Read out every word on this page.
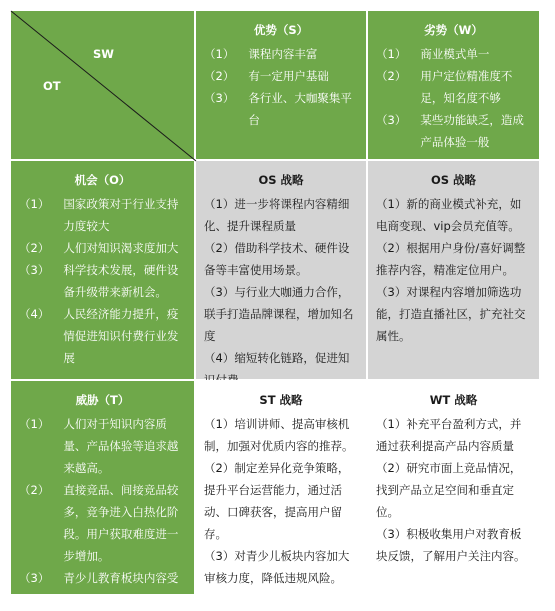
SW
OT
优势（S）
（1） 课程内容丰富
（2） 有一定用户基础
（3） 各行业、大咖聚集平台
劣势（W）
（1） 商业模式单一
（2） 用户定位精准度不足，知名度不够
（3） 某些功能缺乏，造成产品体验一般
机会（O）
（1） 国家政策对于行业支持力度较大
（2） 人们对知识渴求度加大
（3） 科学技术发展，硬件设备升级带来新机会。
（4） 人民经济能力提升，疫情促进知识付费行业发展
OS 战略

（1）进一步将课程内容精细化、提升课程质量

（2）借助科学技术、硬件设备等丰富使用场景。

（3）与行业大咖通力合作，联手打造品牌课程，增加知名度

（4）缩短转化链路，促进知

OS 战略

（1）新的商业模式补充，如电商变现、vip会员充值等。

（2）根据用户身份/喜好调整推荐内容，精准定位用户。

（3）对课程内容增加筛选功能，打造直播社区，扩充社交属性。

威胁（T）
（1） 人们对于知识内容质量、产品体验等追求越来越高。
（2） 直接竞品、间接竞品较多，竞争进入白热化阶段。用户获取难度进一步增加。
（3） 青少儿教育板块内容受政策影响大
ST 战略

（1）培训讲师、提高审核机制，加强对优质内容的推荐。

（2）制定差异化竞争策略，提升平台运营能力，通过活动、口碑获客，提高用户留存。

（3）对青少儿板块内容加大审核力度，降低违规风险。

WT 战略

（1）补充平台盈利方式，并通过获利提高产品内容质量

（2）研究市面上竞品情况，找到产品立足空间和垂直定位。

（3）积极收集用户对教育板块反馈，了解用户关注内容。
